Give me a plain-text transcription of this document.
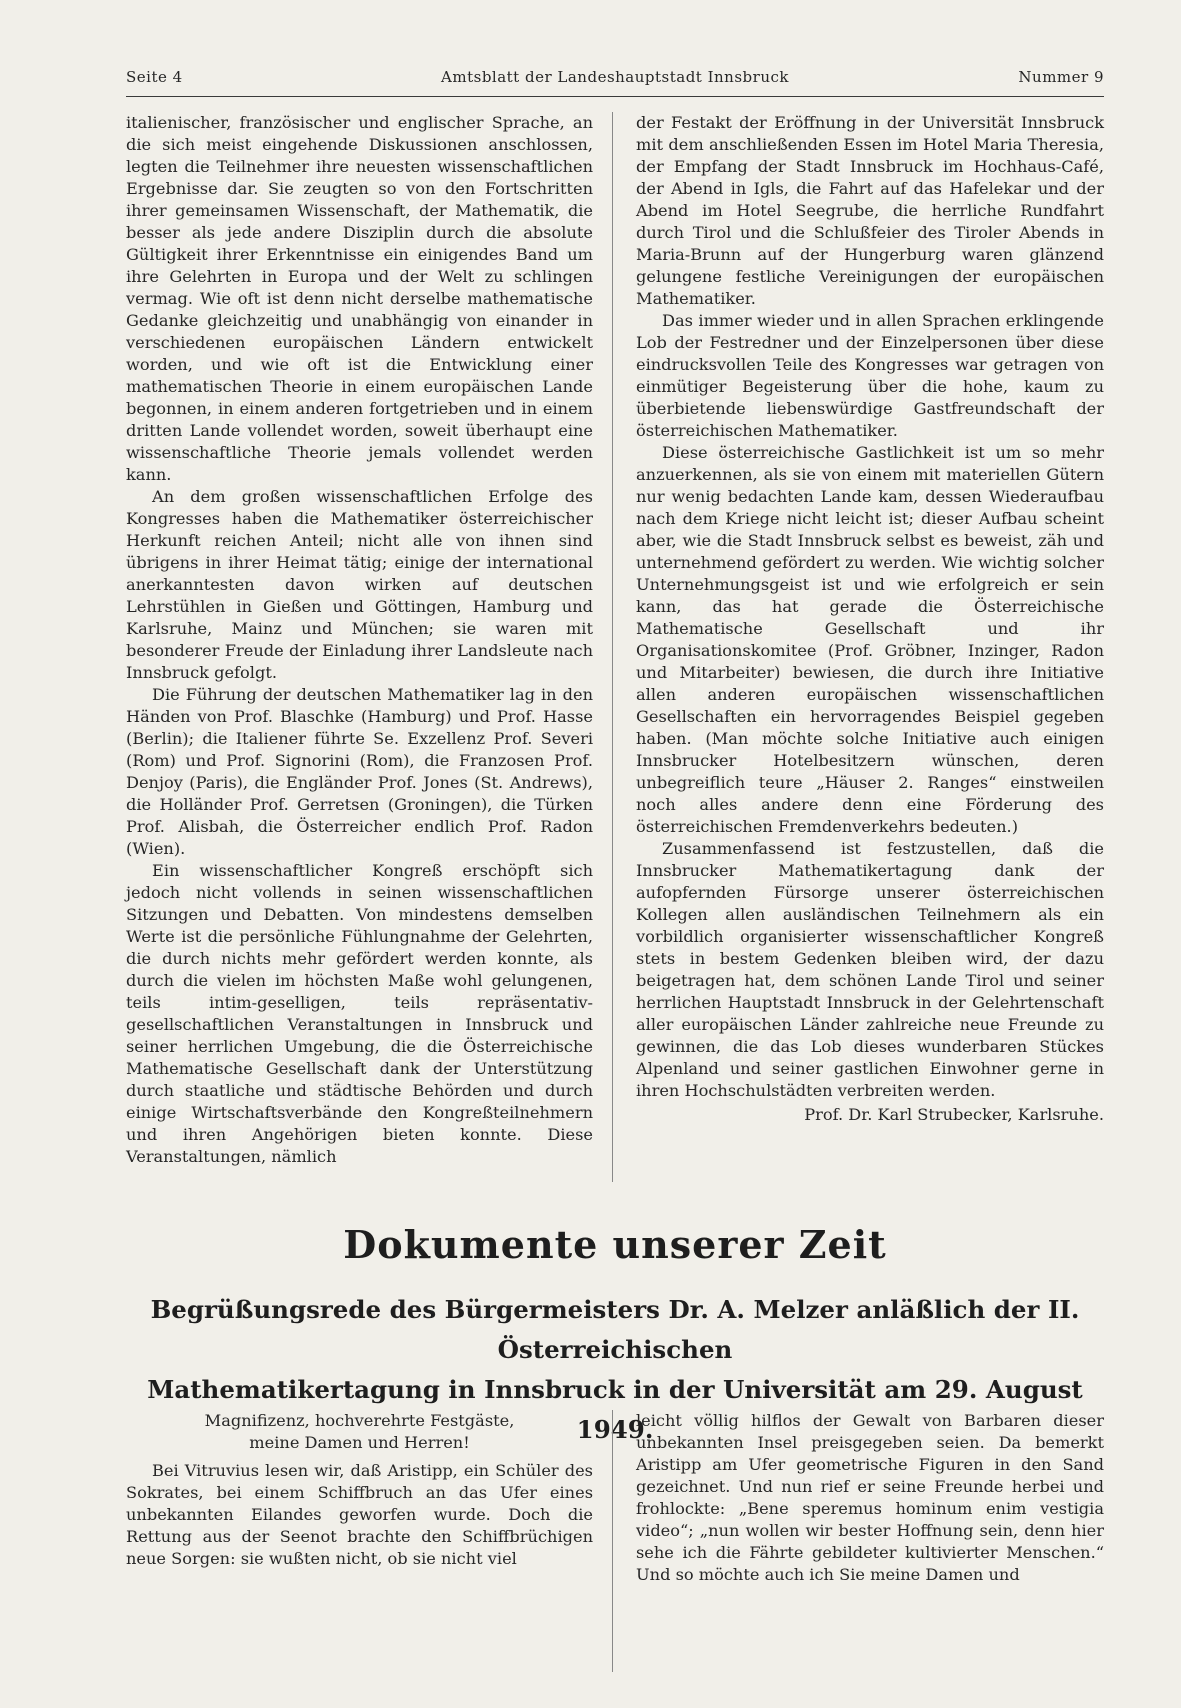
Seite 4	Amtsblatt der Landeshauptstadt Innsbruck	Nummer 9

italienischer, französischer und englischer Sprache, an die sich meist eingehende Diskussionen anschlossen, legten die Teilnehmer ihre neuesten wissenschaftlichen Ergebnisse dar. Sie zeugten so von den Fortschritten ihrer gemeinsamen Wissenschaft, der Mathematik, die besser als jede andere Disziplin durch die absolute Gültigkeit ihrer Erkenntnisse ein einigendes Band um ihre Gelehrten in Europa und der Welt zu schlingen vermag. Wie oft ist denn nicht derselbe mathematische Gedanke gleichzeitig und unabhängig von einander in verschiedenen europäischen Ländern entwickelt worden, und wie oft ist die Entwicklung einer mathematischen Theorie in einem europäischen Lande begonnen, in einem anderen fortgetrieben und in einem dritten Lande vollendet worden, soweit überhaupt eine wissenschaftliche Theorie jemals vollendet werden kann.

An dem großen wissenschaftlichen Erfolge des Kongresses haben die Mathematiker österreichischer Herkunft reichen Anteil; nicht alle von ihnen sind übrigens in ihrer Heimat tätig; einige der international anerkanntesten davon wirken auf deutschen Lehrstühlen in Gießen und Göttingen, Hamburg und Karlsruhe, Mainz und München; sie waren mit besonderer Freude der Einladung ihrer Landsleute nach Innsbruck gefolgt.

Die Führung der deutschen Mathematiker lag in den Händen von Prof. Blaschke (Hamburg) und Prof. Hasse (Berlin); die Italiener führte Se. Exzellenz Prof. Severi (Rom) und Prof. Signorini (Rom), die Franzosen Prof. Denjoy (Paris), die Engländer Prof. Jones (St. Andrews), die Holländer Prof. Gerretsen (Groningen), die Türken Prof. Alisbah, die Österreicher endlich Prof. Radon (Wien).

Ein wissenschaftlicher Kongreß erschöpft sich jedoch nicht vollends in seinen wissenschaftlichen Sitzungen und Debatten. Von mindestens demselben Werte ist die persönliche Fühlungnahme der Gelehrten, die durch nichts mehr gefördert werden konnte, als durch die vielen im höchsten Maße wohl gelungenen, teils intim-geselligen, teils repräsentativ-gesellschaftlichen Veranstaltungen in Innsbruck und seiner herrlichen Umgebung, die die Österreichische Mathematische Gesellschaft dank der Unterstützung durch staatliche und städtische Behörden und durch einige Wirtschaftsverbände den Kongreßteilnehmern und ihren Angehörigen bieten konnte. Diese Veranstaltungen, nämlich

der Festakt der Eröffnung in der Universität Innsbruck mit dem anschließenden Essen im Hotel Maria Theresia, der Empfang der Stadt Innsbruck im Hochhaus-Café, der Abend in Igls, die Fahrt auf das Hafelekar und der Abend im Hotel Seegrube, die herrliche Rundfahrt durch Tirol und die Schlußfeier des Tiroler Abends in Maria-Brunn auf der Hungerburg waren glänzend gelungene festliche Vereinigungen der europäischen Mathematiker.

Das immer wieder und in allen Sprachen erklingende Lob der Festredner und der Einzelpersonen über diese eindrucksvollen Teile des Kongresses war getragen von einmütiger Begeisterung über die hohe, kaum zu überbietende liebenswürdige Gastfreundschaft der österreichischen Mathematiker.

Diese österreichische Gastlichkeit ist um so mehr anzuerkennen, als sie von einem mit materiellen Gütern nur wenig bedachten Lande kam, dessen Wiederaufbau nach dem Kriege nicht leicht ist; dieser Aufbau scheint aber, wie die Stadt Innsbruck selbst es beweist, zäh und unternehmend gefördert zu werden. Wie wichtig solcher Unternehmungsgeist ist und wie erfolgreich er sein kann, das hat gerade die Österreichische Mathematische Gesellschaft und ihr Organisationskomitee (Prof. Gröbner, Inzinger, Radon und Mitarbeiter) bewiesen, die durch ihre Initiative allen anderen europäischen wissenschaftlichen Gesellschaften ein hervorragendes Beispiel gegeben haben. (Man möchte solche Initiative auch einigen Innsbrucker Hotelbesitzern wünschen, deren unbegreiflich teure „Häuser 2. Ranges“ einstweilen noch alles andere denn eine Förderung des österreichischen Fremdenverkehrs bedeuten.)

Zusammenfassend ist festzustellen, daß die Innsbrucker Mathematikertagung dank der aufopfernden Fürsorge unserer österreichischen Kollegen allen ausländischen Teilnehmern als ein vorbildlich organisierter wissenschaftlicher Kongreß stets in bestem Gedenken bleiben wird, der dazu beigetragen hat, dem schönen Lande Tirol und seiner herrlichen Hauptstadt Innsbruck in der Gelehrtenschaft aller europäischen Länder zahlreiche neue Freunde zu gewinnen, die das Lob dieses wunderbaren Stückes Alpenland und seiner gastlichen Einwohner gerne in ihren Hochschulstädten verbreiten werden.

Prof. Dr. Karl Strubecker, Karlsruhe.

Dokumente unserer Zeit
Begrüßungsrede des Bürgermeisters Dr. A. Melzer anläßlich der II. Österreichischen
Mathematikertagung in Innsbruck in der Universität am 29. August 1949.

Magnifizenz, hochverehrte Festgäste,

meine Damen und Herren!

Bei Vitruvius lesen wir, daß Aristipp, ein Schüler des Sokrates, bei einem Schiffbruch an das Ufer eines unbekannten Eilandes geworfen wurde. Doch die Rettung aus der Seenot brachte den Schiffbrüchigen neue Sorgen: sie wußten nicht, ob sie nicht viel

leicht völlig hilflos der Gewalt von Barbaren dieser unbekannten Insel preisgegeben seien. Da bemerkt Aristipp am Ufer geometrische Figuren in den Sand gezeichnet. Und nun rief er seine Freunde herbei und frohlockte: „Bene speremus hominum enim vestigia video“; „nun wollen wir bester Hoffnung sein, denn hier sehe ich die Fährte gebildeter kultivierter Menschen.“ Und so möchte auch ich Sie meine Damen und
